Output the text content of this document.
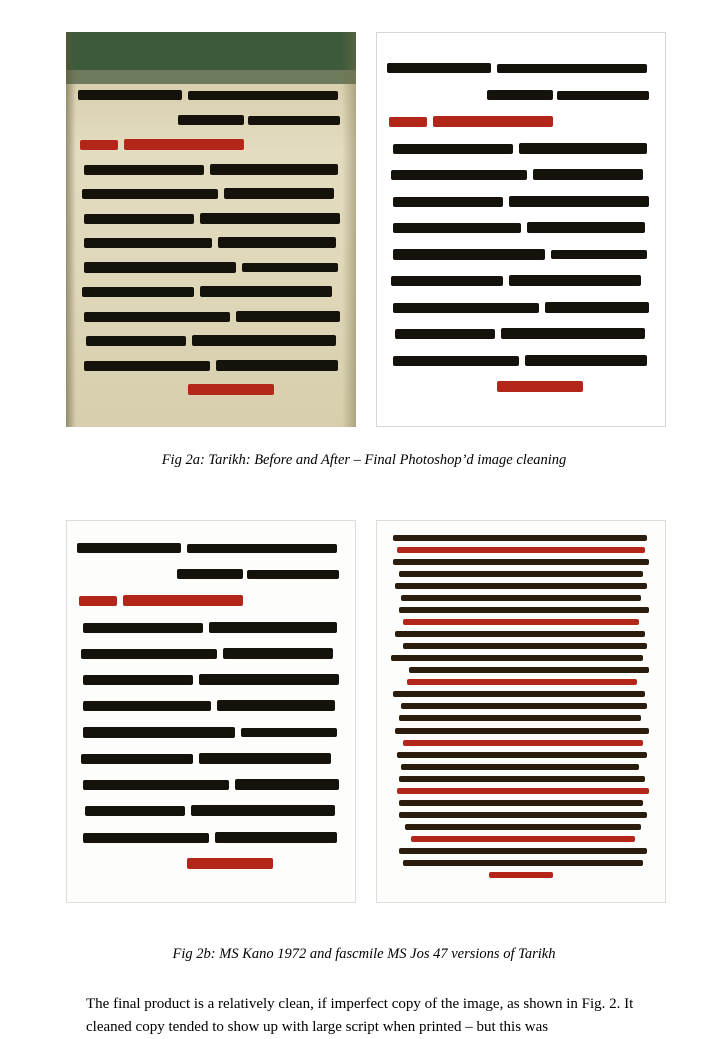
Fig 2a: Tarikh: Before and After – Final Photoshop’d image cleaning
Fig 2b: MS Kano 1972 and fascmile MS Jos 47 versions of Tarikh

The final product is a relatively clean, if imperfect copy of the image, as shown in Fig. 2. It cleaned copy tended to show up with large script when printed – but this was
